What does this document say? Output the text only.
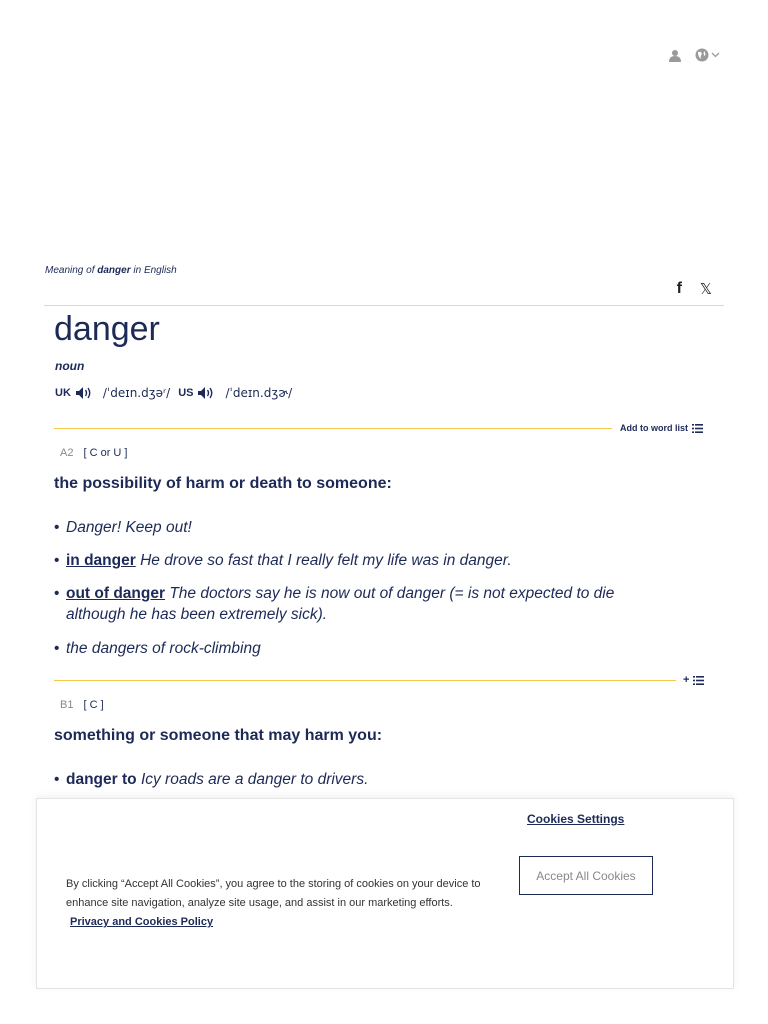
Meaning of danger in English
f 𝕏
danger
noun
UK	/ˈdeɪn.dʒəʳ/ US	/ˈdeɪn.dʒɚ/
Add to word list
A2 [ C or U ]
the possibility of harm or death to someone:
• Danger! Keep out!
• in danger He drove so fast that I really felt my life was in danger.
• out of danger The doctors say he is now out of danger (= is not expected to die although he has been extremely sick).
• the dangers of rock-climbing
+
B1 [ C ]
something or someone that may harm you:
• danger to Icy roads are a danger to drivers.
Cookies Settings
Accept All Cookies
By clicking “Accept All Cookies”, you agree to the storing of cookies on your device to enhance site navigation, analyze site usage, and assist in our marketing efforts. Privacy and Cookies Policy
